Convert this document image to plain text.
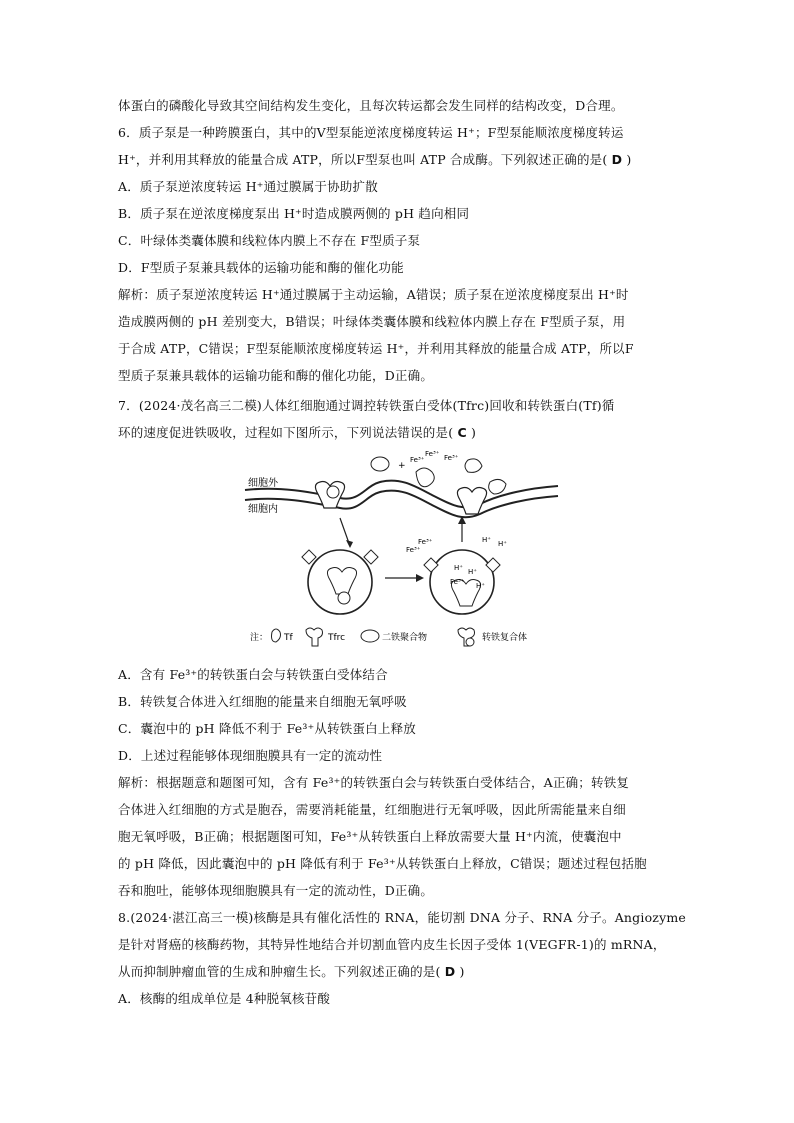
体蛋白的磷酸化导致其空间结构发生变化，且每次转运都会发生同样的结构改变，D合理。
6．质子泵是一种跨膜蛋白，其中的V型泵能逆浓度梯度转运 H⁺；F型泵能顺浓度梯度转运
H⁺，并利用其释放的能量合成 ATP，所以F型泵也叫 ATP 合成酶。下列叙述正确的是( D )
A．质子泵逆浓度转运 H⁺通过膜属于协助扩散
B．质子泵在逆浓度梯度泵出 H⁺时造成膜两侧的 pH 趋向相同
C．叶绿体类囊体膜和线粒体内膜上不存在 F型质子泵
D．F型质子泵兼具载体的运输功能和酶的催化功能
解析：质子泵逆浓度转运 H⁺通过膜属于主动运输，A错误；质子泵在逆浓度梯度泵出 H⁺时
造成膜两侧的 pH 差别变大，B错误；叶绿体类囊体膜和线粒体内膜上存在 F型质子泵，用
于合成 ATP，C错误；F型泵能顺浓度梯度转运 H⁺，并利用其释放的能量合成 ATP，所以F
型质子泵兼具载体的运输功能和酶的催化功能，D正确。
7．(2024·茂名高三二模)人体红细胞通过调控转铁蛋白受体(Tfrc)回收和转铁蛋白(Tf)循
环的速度促进铁吸收，过程如下图所示，下列说法错误的是( C )
细胞外
细胞内
Fe³⁺
Fe³⁺ Fe³⁺
+
Fe³⁺
Fe³⁺
Fe³⁺
H⁺ H⁺
H⁺
H⁺ H⁺
注： Tf	Tfrc	二铁聚合物	转铁复合体
A．含有 Fe³⁺的转铁蛋白会与转铁蛋白受体结合
B．转铁复合体进入红细胞的能量来自细胞无氧呼吸
C．囊泡中的 pH 降低不利于 Fe³⁺从转铁蛋白上释放
D．上述过程能够体现细胞膜具有一定的流动性
解析：根据题意和题图可知，含有 Fe³⁺的转铁蛋白会与转铁蛋白受体结合，A正确；转铁复
合体进入红细胞的方式是胞吞，需要消耗能量，红细胞进行无氧呼吸，因此所需能量来自细
胞无氧呼吸，B正确；根据题图可知，Fe³⁺从转铁蛋白上释放需要大量 H⁺内流，使囊泡中
的 pH 降低，因此囊泡中的 pH 降低有利于 Fe³⁺从转铁蛋白上释放，C错误；题述过程包括胞
吞和胞吐，能够体现细胞膜具有一定的流动性，D正确。
8.(2024·湛江高三一模)核酶是具有催化活性的 RNA，能切割 DNA 分子、RNA 分子。Angiozyme
是针对肾癌的核酶药物，其特异性地结合并切割血管内皮生长因子受体 1(VEGFR-1)的 mRNA，
从而抑制肿瘤血管的生成和肿瘤生长。下列叙述正确的是( D )
A．核酶的组成单位是 4种脱氧核苷酸
